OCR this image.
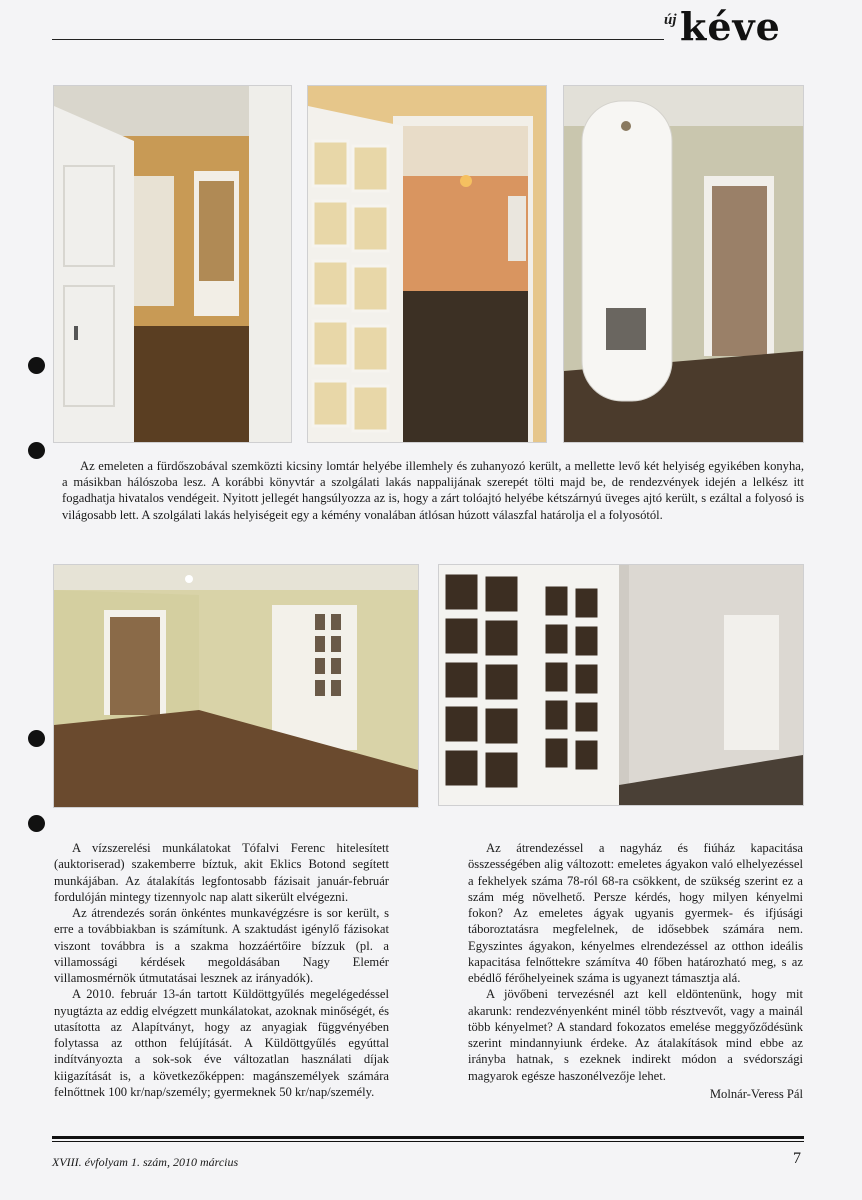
új kéve
Az emeleten a fürdőszobával szemközti kicsiny lomtár helyébe illemhely és zuhanyozó került, a mellette levő két helyiség egyikében konyha, a másikban hálószoba lesz. A korábbi könyvtár a szolgálati lakás nappalijának szerepét tölti majd be, de rendezvények idején a lelkész itt fogadhatja hivatalos vendégeit. Nyitott jellegét hangsúlyozza az is, hogy a zárt tolóajtó helyébe kétszárnyú üveges ajtó került, s ezáltal a folyosó is világosabb lett. A szolgálati lakás helyiségeit egy a kémény vonalában átlósan húzott válaszfal határolja el a folyosótól.

A vízszerelési munkálatokat Tófalvi Ferenc hitelesített (auktoriserad) szakemberre bíztuk, akit Eklics Botond segített munkájában. Az átalakítás legfontosabb fázisait január-február fordulóján mintegy tizennyolc nap alatt sikerült elvégezni.

Az átrendezés során önkéntes munkavégzésre is sor került, s erre a továbbiakban is számítunk. A szaktudást igénylő fázisokat viszont továbbra is a szakma hozzáértőire bízzuk (pl. a villamossági kérdések megoldásában Nagy Elemér villamosmérnök útmutatásai lesznek az irányadók).

A 2010. február 13-án tartott Küldöttgyűlés megelégedéssel nyugtázta az eddig elvégzett munkálatokat, azoknak minőségét, és utasította az Alapítványt, hogy az anyagiak függvényében folytassa az otthon felújítását. A Küldöttgyűlés egyúttal indítványozta a sok-sok éve változatlan használati díjak kiigazítását is, a következőképpen: magánszemélyek számára felnőttnek 100 kr/nap/személy; gyermeknek 50 kr/nap/személy.

Az átrendezéssel a nagyház és fiúház kapacitása összességében alig változott: emeletes ágyakon való elhelyezéssel a fekhelyek száma 78-ról 68-ra csökkent, de szükség szerint ez a szám még növelhető. Persze kérdés, hogy milyen kényelmi fokon? Az emeletes ágyak ugyanis gyermek- és ifjúsági táboroztatásra megfelelnek, de idősebbek számára nem. Egyszintes ágyakon, kényelmes elrendezéssel az otthon ideális kapacitása felnőttekre számítva 40 főben határozható meg, s az ebédlő férőhelyeinek száma is ugyanezt támasztja alá.

A jövőbeni tervezésnél azt kell eldöntenünk, hogy mit akarunk: rendezvényenként minél több résztvevőt, vagy a mainál több kényelmet? A standard fokozatos emelése meggyőződésünk szerint mindannyiunk érdeke. Az átalakítások mind ebbe az irányba hatnak, s ezeknek indirekt módon a svédországi magyarok egésze haszonélvezője lehet.

Molnár-Veress Pál
XVIII. évfolyam 1. szám, 2010 március	7
